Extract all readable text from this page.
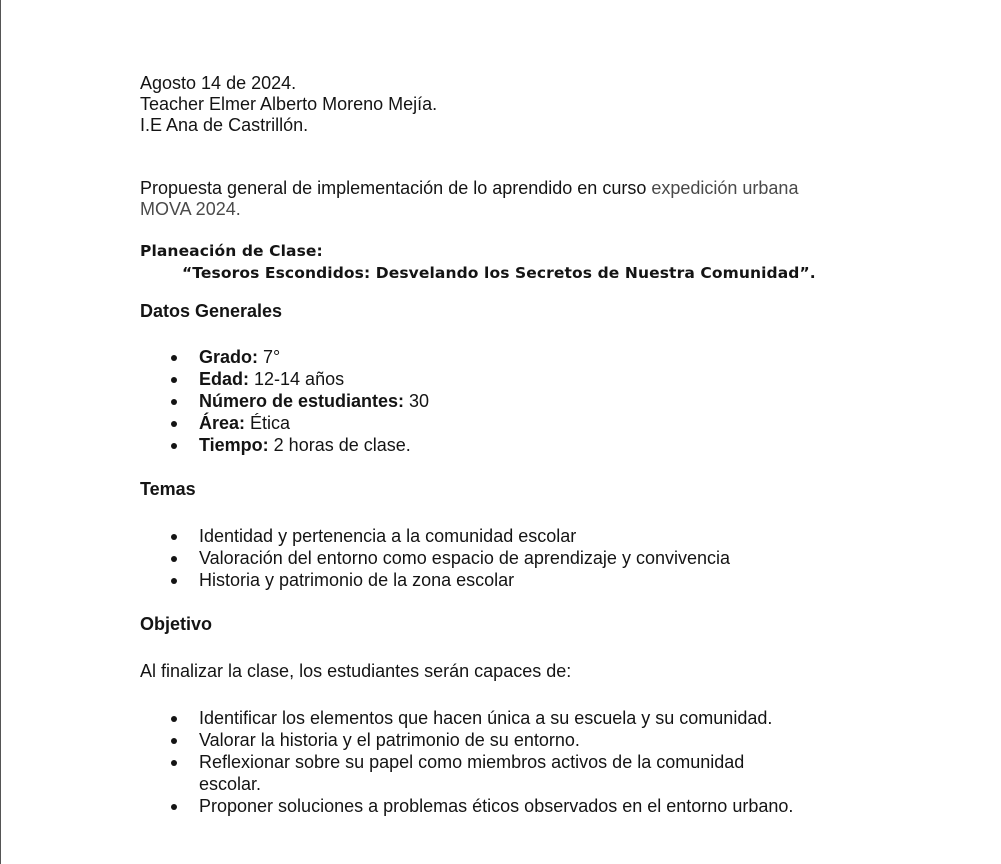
Agosto 14 de 2024.
Teacher Elmer Alberto Moreno Mejía.
I.E Ana de Castrillón.
Propuesta general de implementación de lo aprendido en curso expedición urbana
MOVA 2024.

Planeación de Clase:

“Tesoros Escondidos: Desvelando los Secretos de Nuestra Comunidad”.

Datos Generales

Grado: 7°
Edad: 12-14 años
Número de estudiantes: 30
Área: Ética
Tiempo: 2 horas de clase.

Temas

Identidad y pertenencia a la comunidad escolar
Valoración del entorno como espacio de aprendizaje y convivencia
Historia y patrimonio de la zona escolar

Objetivo

Al finalizar la clase, los estudiantes serán capaces de:
Identificar los elementos que hacen única a su escuela y su comunidad.
Valorar la historia y el patrimonio de su entorno.
Reflexionar sobre su papel como miembros activos de la comunidad
escolar.
Proponer soluciones a problemas éticos observados en el entorno urbano.
